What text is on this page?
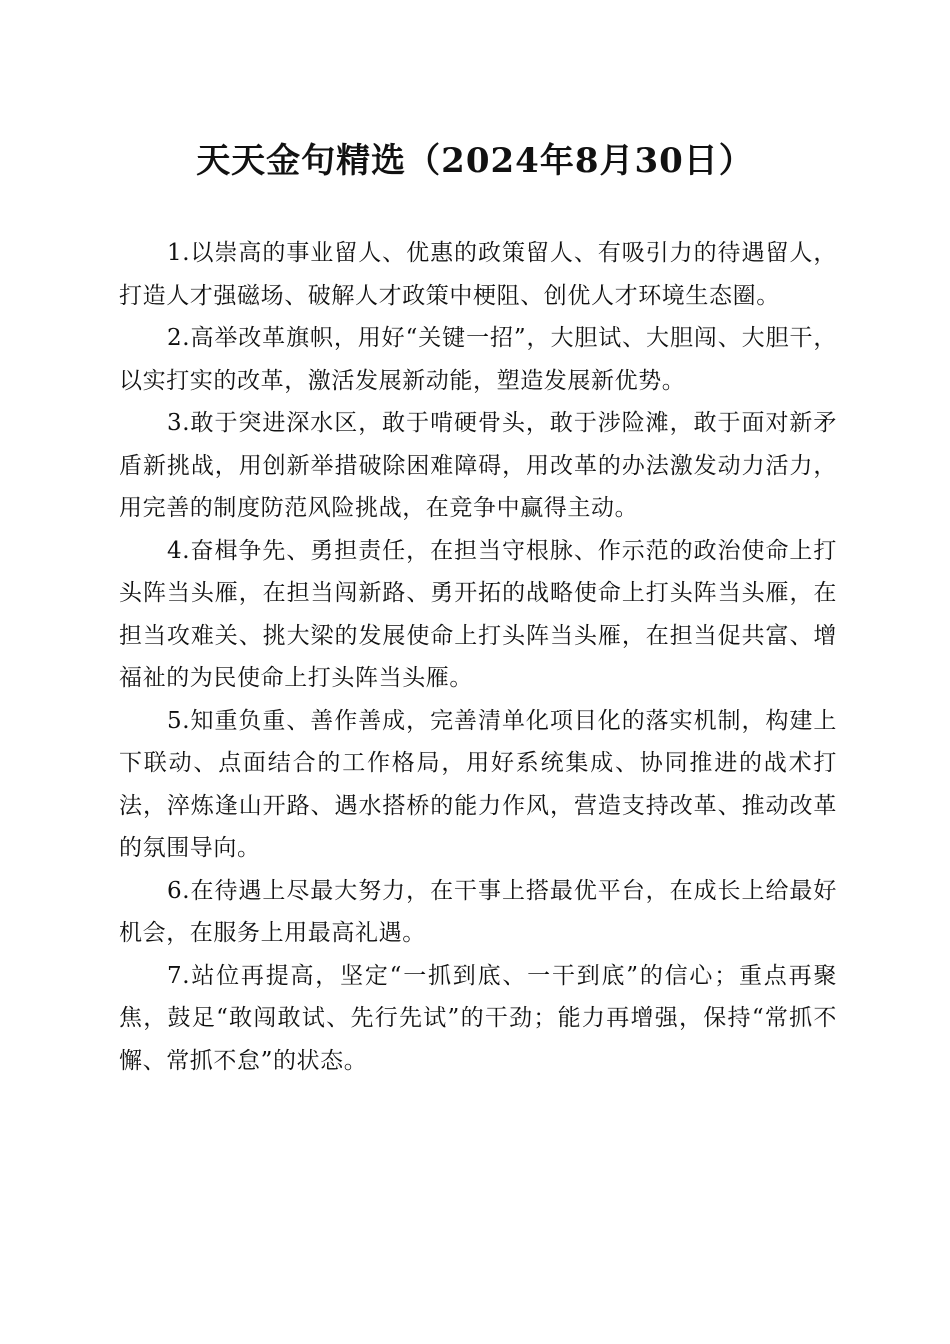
天天金句精选（2024年8月30日）

1.以崇高的事业留人、优惠的政策留人、有吸引力的待遇留人，打造人才强磁场、破解人才政策中梗阻、创优人才环境生态圈。

2.高举改革旗帜，用好“关键一招”，大胆试、大胆闯、大胆干，以实打实的改革，激活发展新动能，塑造发展新优势。

3.敢于突进深水区，敢于啃硬骨头，敢于涉险滩，敢于面对新矛盾新挑战，用创新举措破除困难障碍，用改革的办法激发动力活力，用完善的制度防范风险挑战，在竞争中赢得主动。

4.奋楫争先、勇担责任，在担当守根脉、作示范的政治使命上打头阵当头雁，在担当闯新路、勇开拓的战略使命上打头阵当头雁，在担当攻难关、挑大梁的发展使命上打头阵当头雁，在担当促共富、增福祉的为民使命上打头阵当头雁。

5.知重负重、善作善成，完善清单化项目化的落实机制，构建上下联动、点面结合的工作格局，用好系统集成、协同推进的战术打法，淬炼逢山开路、遇水搭桥的能力作风，营造支持改革、推动改革的氛围导向。

6.在待遇上尽最大努力，在干事上搭最优平台，在成长上给最好机会，在服务上用最高礼遇。

7.站位再提高，坚定“一抓到底、一干到底”的信心；重点再聚焦，鼓足“敢闯敢试、先行先试”的干劲；能力再增强，保持“常抓不懈、常抓不怠”的状态。
